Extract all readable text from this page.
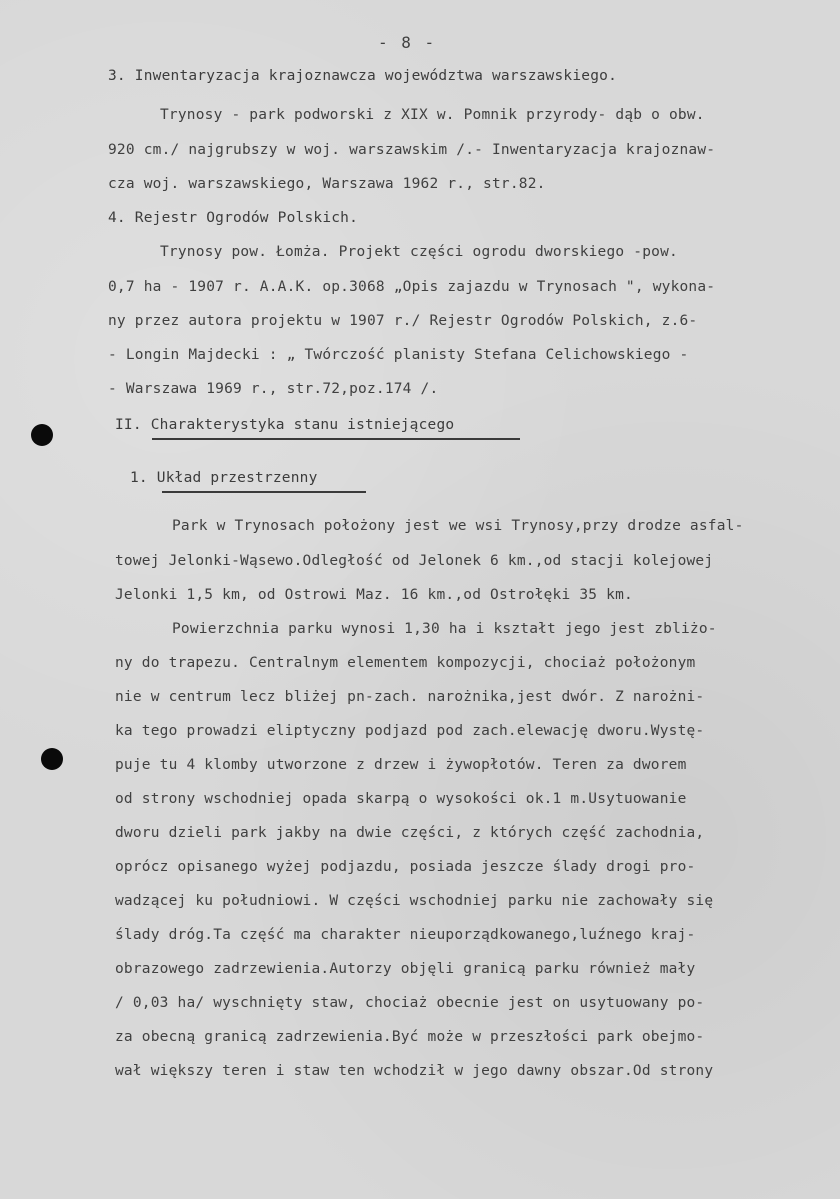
- 8 -
3. Inwentaryzacja krajoznawcza województwa warszawskiego.
Trynosy - park podworski z XIX w. Pomnik przyrody- dąb o obw.
920 cm./ najgrubszy w woj. warszawskim /.- Inwentaryzacja krajoznaw-
cza woj. warszawskiego, Warszawa 1962 r., str.82.
4. Rejestr Ogrodów Polskich.
Trynosy pow. Łomża. Projekt części ogrodu dworskiego -pow.
0,7 ha - 1907 r. A.A.K. op.3068 „Opis zajazdu w Trynosach ", wykona-
ny przez autora projektu w 1907 r./ Rejestr Ogrodów Polskich, z.6-
- Longin Majdecki : „ Twórczość planisty Stefana Celichowskiego -
- Warszawa 1969 r., str.72,poz.174 /.
II. Charakterystyka stanu istniejącego
1. Układ przestrzenny
Park w Trynosach położony jest we wsi Trynosy,przy drodze asfal-
towej Jelonki-Wąsewo.Odległość od Jelonek 6 km.,od stacji kolejowej
Jelonki 1,5 km, od Ostrowi Maz. 16 km.,od Ostrołęki 35 km.
Powierzchnia parku wynosi 1,30 ha i kształt jego jest zbliżo-
ny do trapezu. Centralnym elementem kompozycji, chociaż położonym
nie w centrum lecz bliżej pn-zach. narożnika,jest dwór. Z narożni-
ka tego prowadzi eliptyczny podjazd pod zach.elewację dworu.Wystę-
puje tu 4 klomby utworzone z drzew i żywopłotów. Teren za dworem
od strony wschodniej opada skarpą o wysokości ok.1 m.Usytuowanie
dworu dzieli park jakby na dwie części, z których część zachodnia,
oprócz opisanego wyżej podjazdu, posiada jeszcze ślady drogi pro-
wadzącej ku południowi. W części wschodniej parku nie zachowały się
ślady dróg.Ta część ma charakter nieuporządkowanego,luźnego kraj-
obrazowego zadrzewienia.Autorzy objęli granicą parku również mały
/ 0,03 ha/ wyschnięty staw, chociaż obecnie jest on usytuowany po-
za obecną granicą zadrzewienia.Być może w przeszłości park obejmo-
wał większy teren i staw ten wchodził w jego dawny obszar.Od strony
